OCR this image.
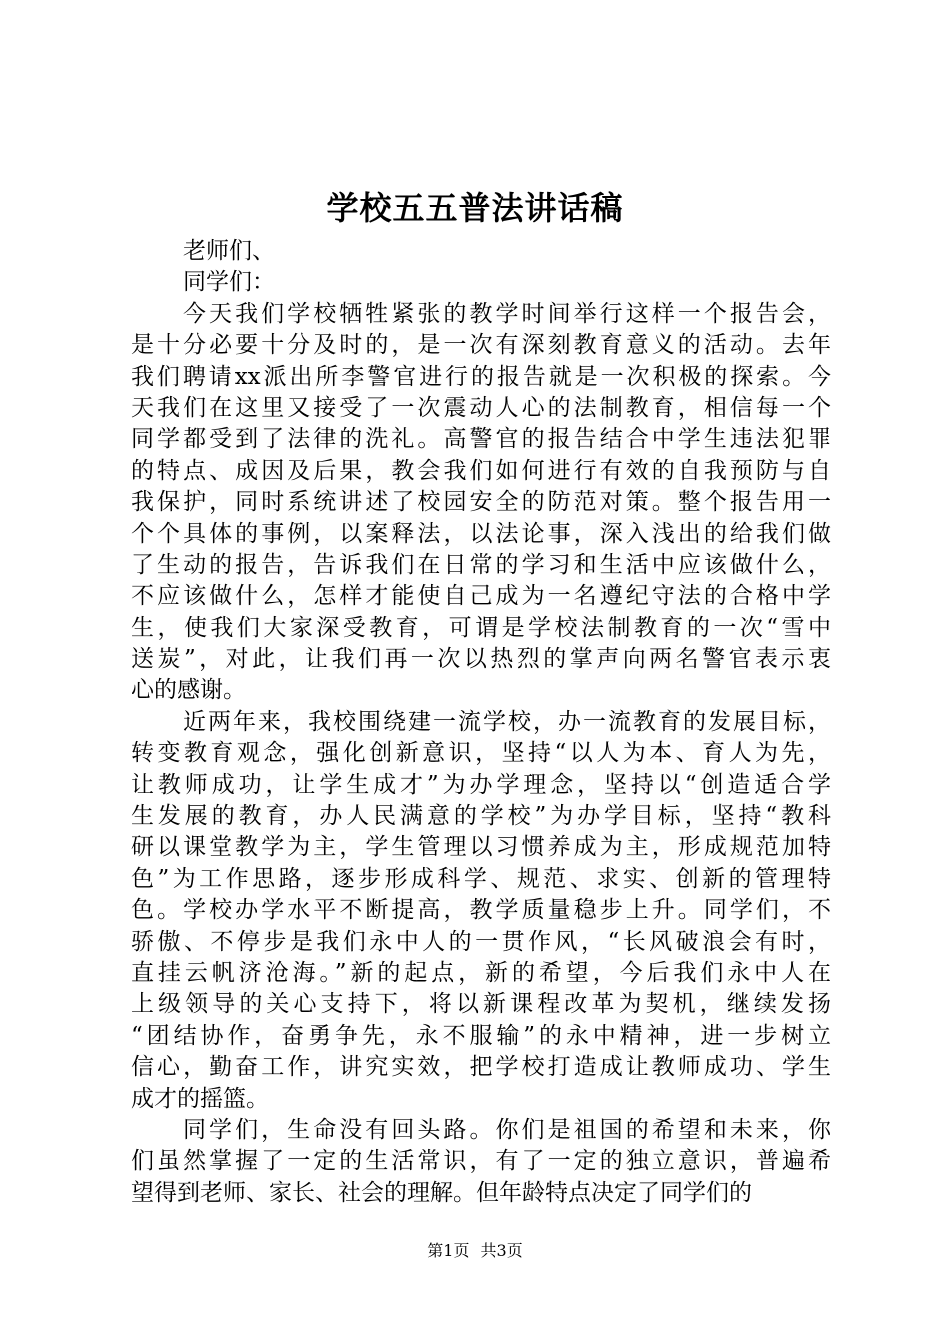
学校五五普法讲话稿
老师们、
同学们：
今天我们学校牺牲紧张的教学时间举行这样一个报告会，
是十分必要十分及时的，是一次有深刻教育意义的活动。去年
我们聘请xx派出所李警官进行的报告就是一次积极的探索。今
天我们在这里又接受了一次震动人心的法制教育，相信每一个
同学都受到了法律的洗礼。高警官的报告结合中学生违法犯罪
的特点、成因及后果，教会我们如何进行有效的自我预防与自
我保护，同时系统讲述了校园安全的防范对策。整个报告用一
个个具体的事例，以案释法，以法论事，深入浅出的给我们做
了生动的报告，告诉我们在日常的学习和生活中应该做什么，
不应该做什么，怎样才能使自己成为一名遵纪守法的合格中学
生，使我们大家深受教育，可谓是学校法制教育的一次“雪中
送炭”，对此，让我们再一次以热烈的掌声向两名警官表示衷
心的感谢。
近两年来，我校围绕建一流学校，办一流教育的发展目标，
转变教育观念，强化创新意识，坚持“以人为本、育人为先，
让教师成功，让学生成才”为办学理念，坚持以“创造适合学
生发展的教育，办人民满意的学校”为办学目标，坚持“教科
研以课堂教学为主，学生管理以习惯养成为主，形成规范加特
色”为工作思路，逐步形成科学、规范、求实、创新的管理特
色。学校办学水平不断提高，教学质量稳步上升。同学们，不
骄傲、不停步是我们永中人的一贯作风，“长风破浪会有时，
直挂云帆济沧海。”新的起点，新的希望，今后我们永中人在
上级领导的关心支持下，将以新课程改革为契机，继续发扬
“团结协作，奋勇争先，永不服输”的永中精神，进一步树立
信心，勤奋工作，讲究实效，把学校打造成让教师成功、学生
成才的摇篮。
同学们，生命没有回头路。你们是祖国的希望和未来，你
们虽然掌握了一定的生活常识，有了一定的独立意识，普遍希
望得到老师、家长、社会的理解。但年龄特点决定了同学们的
第1页 共3页
